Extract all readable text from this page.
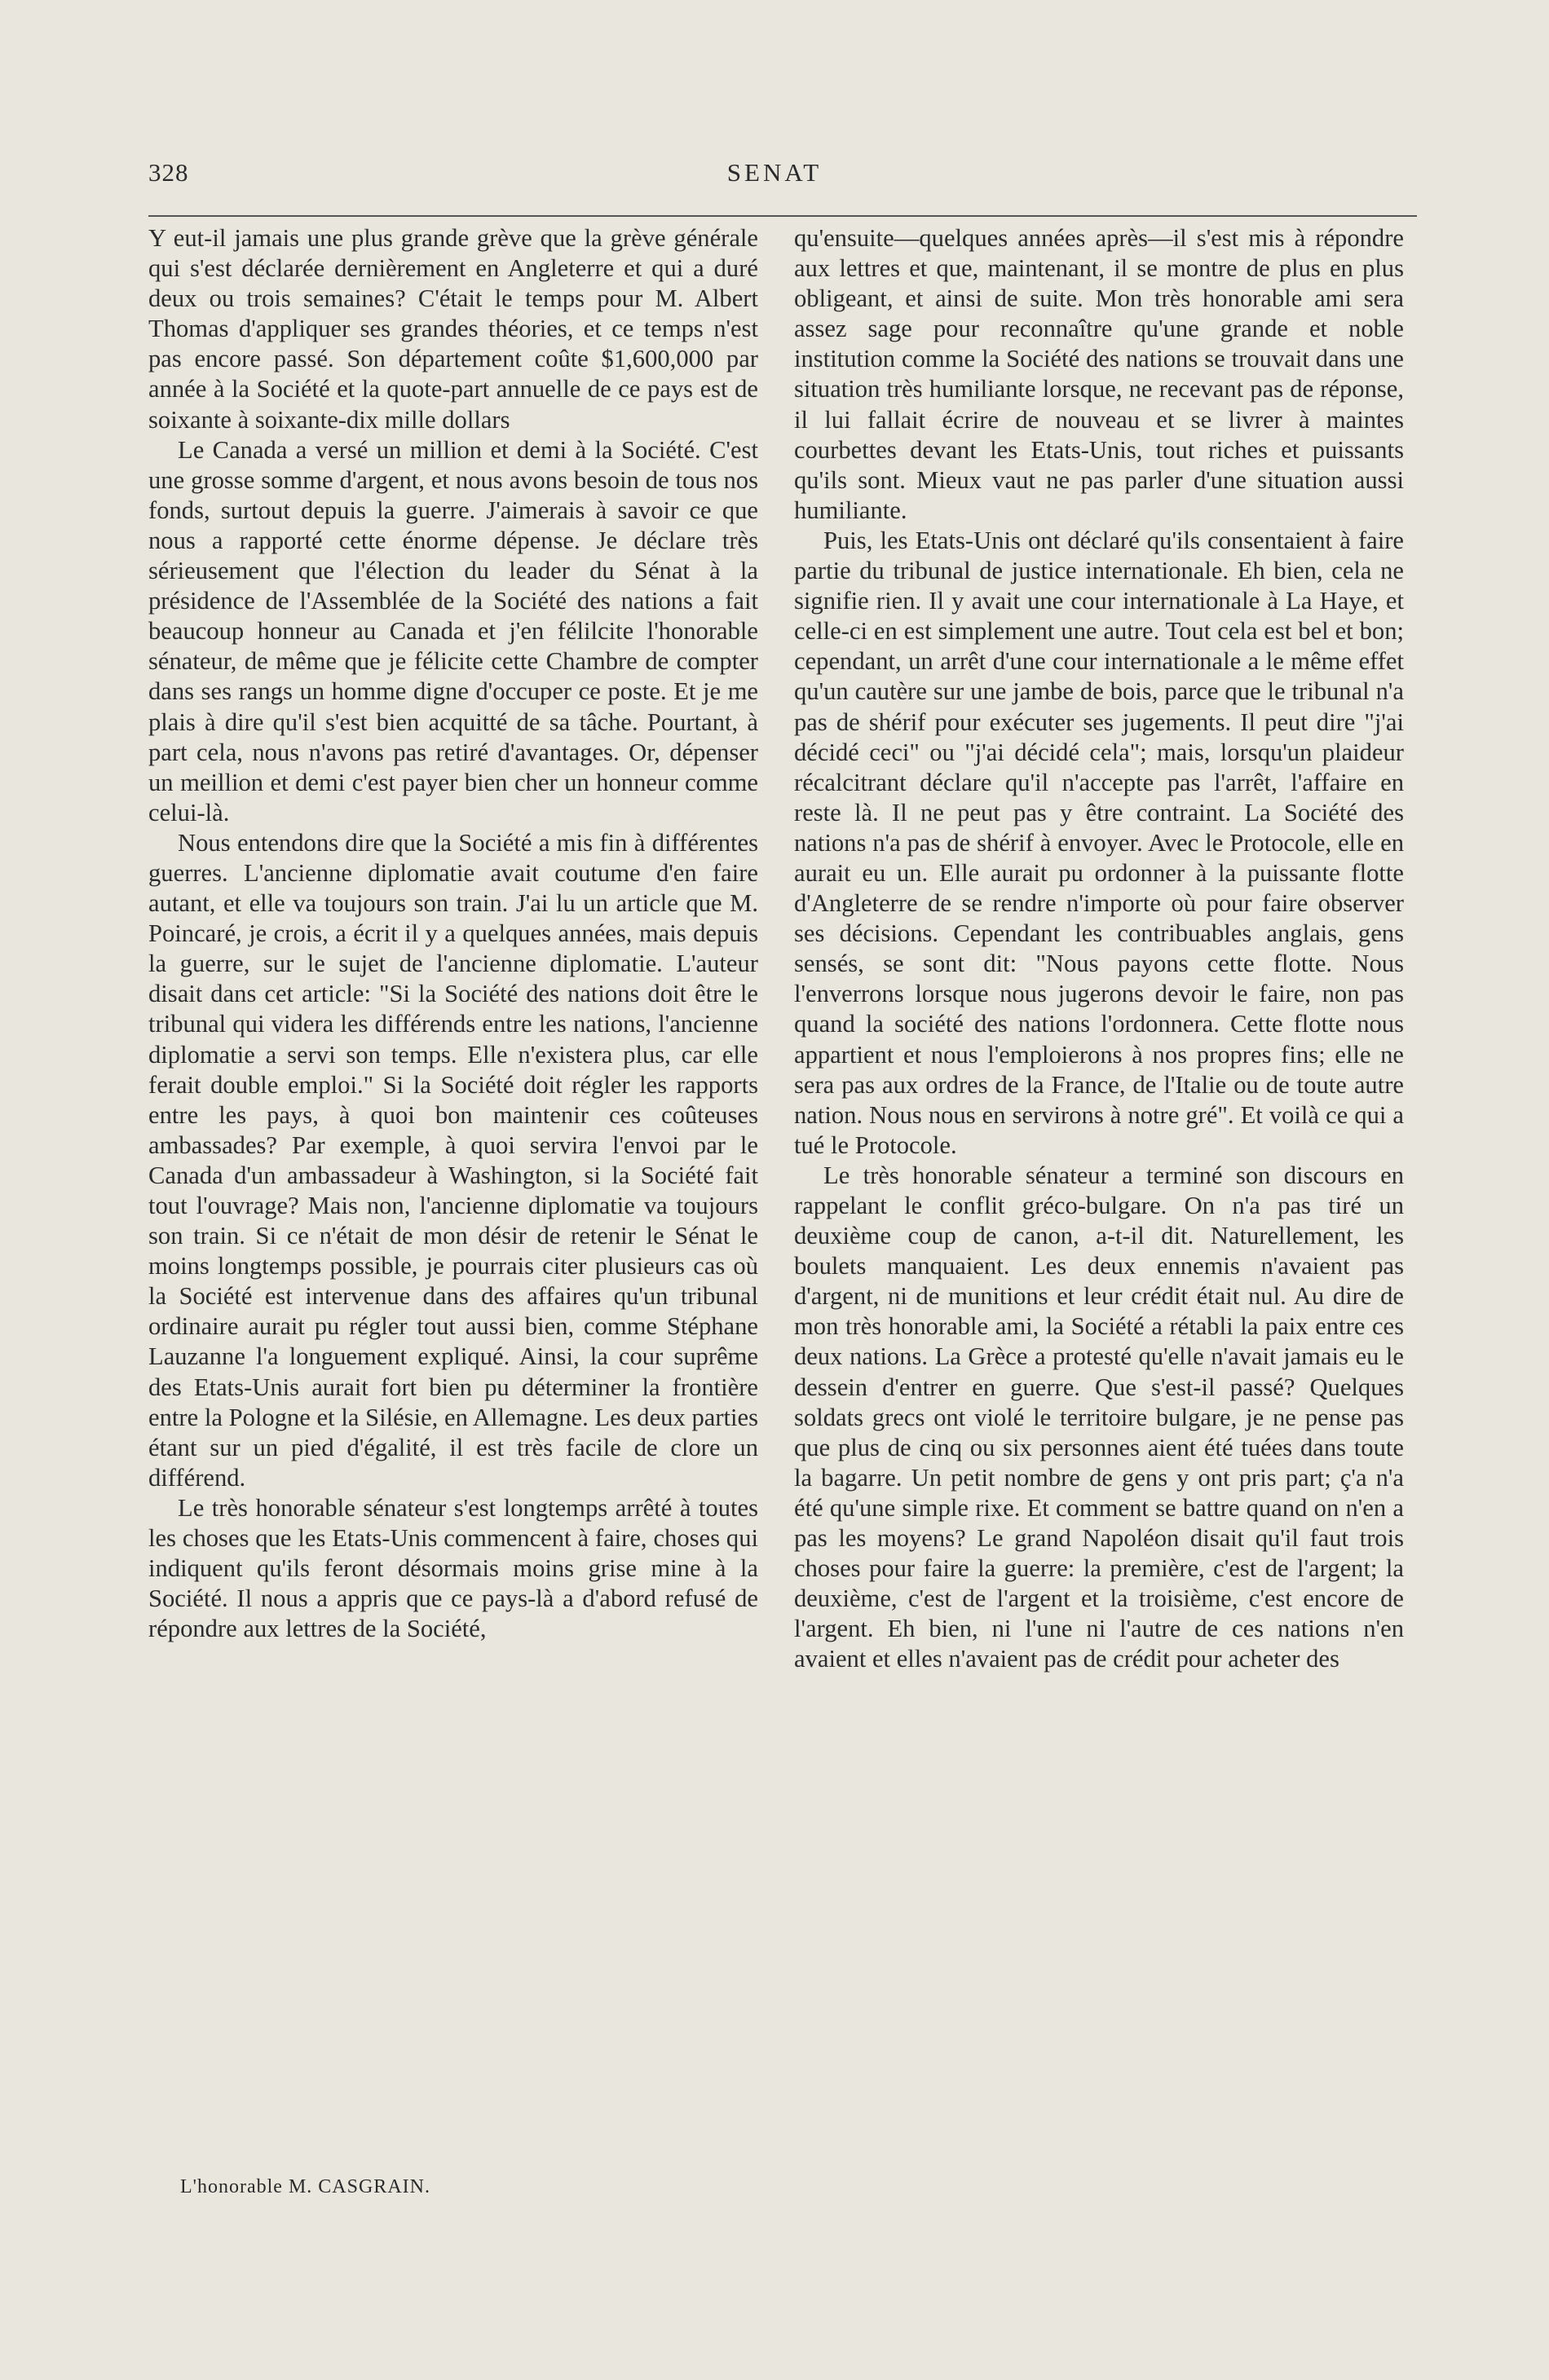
328	SENAT

Y eut-il jamais une plus grande grève que la grève générale qui s'est déclarée dernièrement en Angleterre et qui a duré deux ou trois semaines? C'était le temps pour M. Albert Thomas d'appliquer ses grandes théories, et ce temps n'est pas encore passé. Son département coûte $1,600,000 par année à la Société et la quote-part annuelle de ce pays est de soixante à soixante-dix mille dollars

Le Canada a versé un million et demi à la Société. C'est une grosse somme d'argent, et nous avons besoin de tous nos fonds, surtout depuis la guerre. J'aimerais à savoir ce que nous a rapporté cette énorme dépense. Je déclare très sérieusement que l'élection du leader du Sénat à la présidence de l'Assemblée de la Société des nations a fait beaucoup honneur au Canada et j'en félilcite l'honorable sénateur, de même que je félicite cette Chambre de compter dans ses rangs un homme digne d'occuper ce poste. Et je me plais à dire qu'il s'est bien acquitté de sa tâche. Pourtant, à part cela, nous n'avons pas retiré d'avantages. Or, dépenser un meillion et demi c'est payer bien cher un honneur comme celui-là.

Nous entendons dire que la Société a mis fin à différentes guerres. L'ancienne diplomatie avait coutume d'en faire autant, et elle va toujours son train. J'ai lu un article que M. Poincaré, je crois, a écrit il y a quelques années, mais depuis la guerre, sur le sujet de l'ancienne diplomatie. L'auteur disait dans cet article: "Si la Société des nations doit être le tribunal qui videra les différends entre les nations, l'ancienne diplomatie a servi son temps. Elle n'existera plus, car elle ferait double emploi." Si la Société doit régler les rapports entre les pays, à quoi bon maintenir ces coûteuses ambassades? Par exemple, à quoi servira l'envoi par le Canada d'un ambassadeur à Washington, si la Société fait tout l'ouvrage? Mais non, l'ancienne diplomatie va toujours son train. Si ce n'était de mon désir de retenir le Sénat le moins longtemps possible, je pourrais citer plusieurs cas où la Société est intervenue dans des affaires qu'un tribunal ordinaire aurait pu régler tout aussi bien, comme Stéphane Lauzanne l'a longuement expliqué. Ainsi, la cour suprême des Etats-Unis aurait fort bien pu déterminer la frontière entre la Pologne et la Silésie, en Allemagne. Les deux parties étant sur un pied d'égalité, il est très facile de clore un différend.

Le très honorable sénateur s'est longtemps arrêté à toutes les choses que les Etats-Unis commencent à faire, choses qui indiquent qu'ils feront désormais moins grise mine à la Société. Il nous a appris que ce pays-là a d'abord refusé de répondre aux lettres de la Société,

qu'ensuite—quelques années après—il s'est mis à répondre aux lettres et que, maintenant, il se montre de plus en plus obligeant, et ainsi de suite. Mon très honorable ami sera assez sage pour reconnaître qu'une grande et noble institution comme la Société des nations se trouvait dans une situation très humiliante lorsque, ne recevant pas de réponse, il lui fallait écrire de nouveau et se livrer à maintes courbettes devant les Etats-Unis, tout riches et puissants qu'ils sont. Mieux vaut ne pas parler d'une situation aussi humiliante.

Puis, les Etats-Unis ont déclaré qu'ils consentaient à faire partie du tribunal de justice internationale. Eh bien, cela ne signifie rien. Il y avait une cour internationale à La Haye, et celle-ci en est simplement une autre. Tout cela est bel et bon; cependant, un arrêt d'une cour internationale a le même effet qu'un cautère sur une jambe de bois, parce que le tribunal n'a pas de shérif pour exécuter ses jugements. Il peut dire "j'ai décidé ceci" ou "j'ai décidé cela"; mais, lorsqu'un plaideur récalcitrant déclare qu'il n'accepte pas l'arrêt, l'affaire en reste là. Il ne peut pas y être contraint. La Société des nations n'a pas de shérif à envoyer. Avec le Protocole, elle en aurait eu un. Elle aurait pu ordonner à la puissante flotte d'Angleterre de se rendre n'importe où pour faire observer ses décisions. Cependant les contribuables anglais, gens sensés, se sont dit: "Nous payons cette flotte. Nous l'enverrons lorsque nous jugerons devoir le faire, non pas quand la société des nations l'ordonnera. Cette flotte nous appartient et nous l'emploierons à nos propres fins; elle ne sera pas aux ordres de la France, de l'Italie ou de toute autre nation. Nous nous en servirons à notre gré". Et voilà ce qui a tué le Protocole.

Le très honorable sénateur a terminé son discours en rappelant le conflit gréco-bulgare. On n'a pas tiré un deuxième coup de canon, a-t-il dit. Naturellement, les boulets manquaient. Les deux ennemis n'avaient pas d'argent, ni de munitions et leur crédit était nul. Au dire de mon très honorable ami, la Société a rétabli la paix entre ces deux nations. La Grèce a protesté qu'elle n'avait jamais eu le dessein d'entrer en guerre. Que s'est-il passé? Quelques soldats grecs ont violé le territoire bulgare, je ne pense pas que plus de cinq ou six personnes aient été tuées dans toute la bagarre. Un petit nombre de gens y ont pris part; ç'a n'a été qu'une simple rixe. Et comment se battre quand on n'en a pas les moyens? Le grand Napoléon disait qu'il faut trois choses pour faire la guerre: la première, c'est de l'argent; la deuxième, c'est de l'argent et la troisième, c'est encore de l'argent. Eh bien, ni l'une ni l'autre de ces nations n'en avaient et elles n'avaient pas de crédit pour acheter des

L'honorable M. CASGRAIN.
